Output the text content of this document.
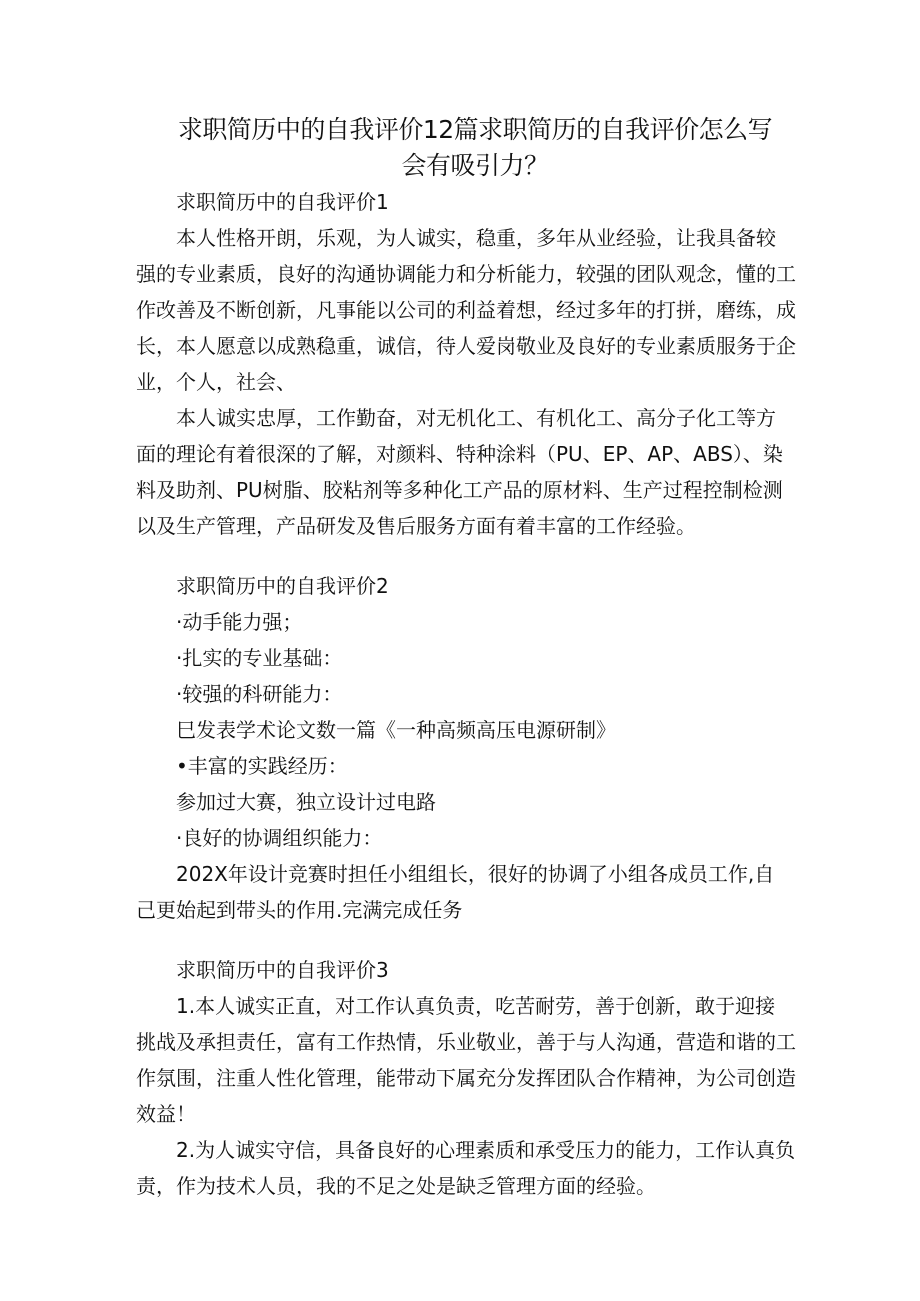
求职简历中的自我评价12篇求职简历的自我评价怎么写
会有吸引力？
求职简历中的自我评价1
本人性格开朗，乐观，为人诚实，稳重，多年从业经验，让我具备较
强的专业素质，良好的沟通协调能力和分析能力，较强的团队观念，懂的工
作改善及不断创新，凡事能以公司的利益着想，经过多年的打拼，磨练，成
长，本人愿意以成熟稳重，诚信，待人爱岗敬业及良好的专业素质服务于企
业，个人，社会、
本人诚实忠厚，工作勤奋，对无机化工、有机化工、高分子化工等方
面的理论有着很深的了解，对颜料、特种涂料（PU、EP、AP、ABS）、染
料及助剂、PU树脂、胶粘剂等多种化工产品的原材料、生产过程控制检测
以及生产管理，产品研发及售后服务方面有着丰富的工作经验。
求职简历中的自我评价2
·动手能力强；
·扎实的专业基础：
·较强的科研能力：
巳发表学术论文数一篇《一种高频高压电源研制》
•丰富的实践经历：
参加过大赛，独立设计过电路
·良好的协调组织能力：
202X年设计竞赛时担任小组组长，很好的协调了小组各成员工作,自
己更始起到带头的作用.完满完成任务
求职简历中的自我评价3
1.本人诚实正直，对工作认真负责，吃苦耐劳，善于创新，敢于迎接
挑战及承担责任，富有工作热情，乐业敬业，善于与人沟通，营造和谐的工
作氛围，注重人性化管理，能带动下属充分发挥团队合作精神，为公司创造
效益！
2.为人诚实守信，具备良好的心理素质和承受压力的能力，工作认真负
责，作为技术人员，我的不足之处是缺乏管理方面的经验。
